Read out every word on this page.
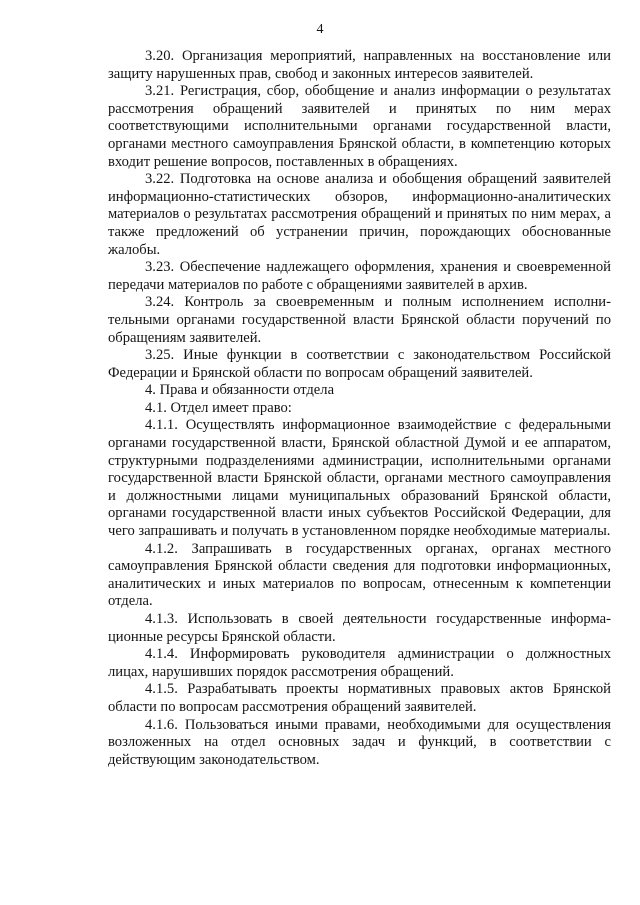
4

3.20. Организация мероприятий, направленных на восстановление или защиту нарушенных прав, свобод и законных интересов заявителей.

3.21. Регистрация, сбор, обобщение и анализ информации о результатах рассмотрения обращений заявителей и принятых по ним мерах соответствующими исполнительными органами государственной власти, органами местного самоуправления Брянской области, в компетенцию которых входит решение вопросов, поставленных в обращениях.

3.22. Подготовка на основе анализа и обобщения обращений заявителей информационно-статистических обзоров, информационно-аналитических материалов о результатах рассмотрения обращений и принятых по ним мерах, а также предложений об устранении причин, порождающих обоснованные жалобы.

3.23. Обеспечение надлежащего оформления, хранения и своевременной передачи материалов по работе с обращениями заявителей в архив.

3.24. Контроль за своевременным и полным исполнением исполнительными органами государственной власти Брянской области поручений по обращениям заявителей.

3.25. Иные функции в соответствии с законодательством Российской Федерации и Брянской области по вопросам обращений заявителей.

4. Права и обязанности отдела

4.1. Отдел имеет право:

4.1.1. Осуществлять информационное взаимодействие с федеральными органами государственной власти, Брянской областной Думой и ее аппаратом, структурными подразделениями администрации, исполнительными органами государственной власти Брянской области, органами местного самоуправления и должностными лицами муниципальных образований Брянской области, органами государственной власти иных субъектов Российской Федерации, для чего запрашивать и получать в установленном порядке необходимые материалы.

4.1.2. Запрашивать в государственных органах, органах местного самоуправления Брянской области сведения для подготовки информационных, аналитических и иных материалов по вопросам, отнесенным к компетенции отдела.

4.1.3. Использовать в своей деятельности государственные информационные ресурсы Брянской области.

4.1.4. Информировать руководителя администрации о должностных лицах, нарушивших порядок рассмотрения обращений.

4.1.5. Разрабатывать проекты нормативных правовых актов Брянской области по вопросам рассмотрения обращений заявителей.

4.1.6. Пользоваться иными правами, необходимыми для осуществления возложенных на отдел основных задач и функций, в соответствии с действующим законодательством.
